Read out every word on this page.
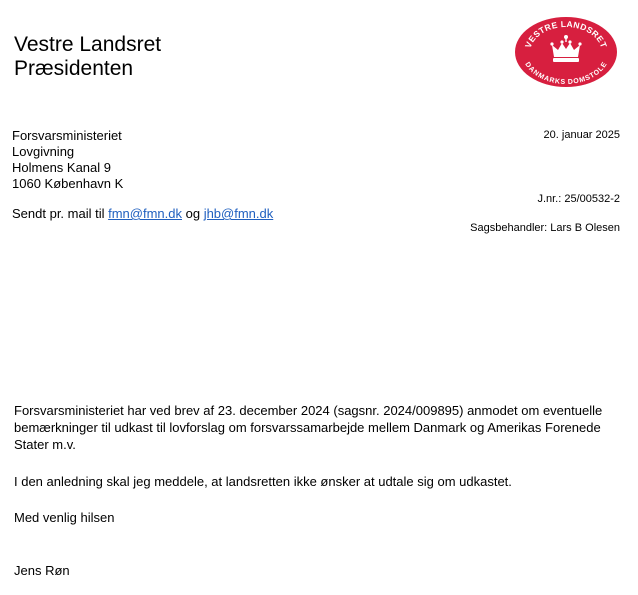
Vestre Landsret
Præsidenten
VESTRE LANDSRET
DANMARKS DOMSTOLE
Forsvarsministeriet
Lovgivning
Holmens Kanal 9
1060 København K
20. januar 2025
J.nr.: 25/00532-2
Sendt pr. mail til fmn@fmn.dk og jhb@fmn.dk
Sagsbehandler: Lars B Olesen

Forsvarsministeriet har ved brev af 23. december 2024 (sagsnr. 2024/009895) anmodet om eventuelle bemærkninger til udkast til lovforslag om forsvarssamarbejde mellem Danmark og Amerikas Forenede Stater m.v.

I den anledning skal jeg meddele, at landsretten ikke ønsker at udtale sig om udkastet.
Med venlig hilsen
Jens Røn
